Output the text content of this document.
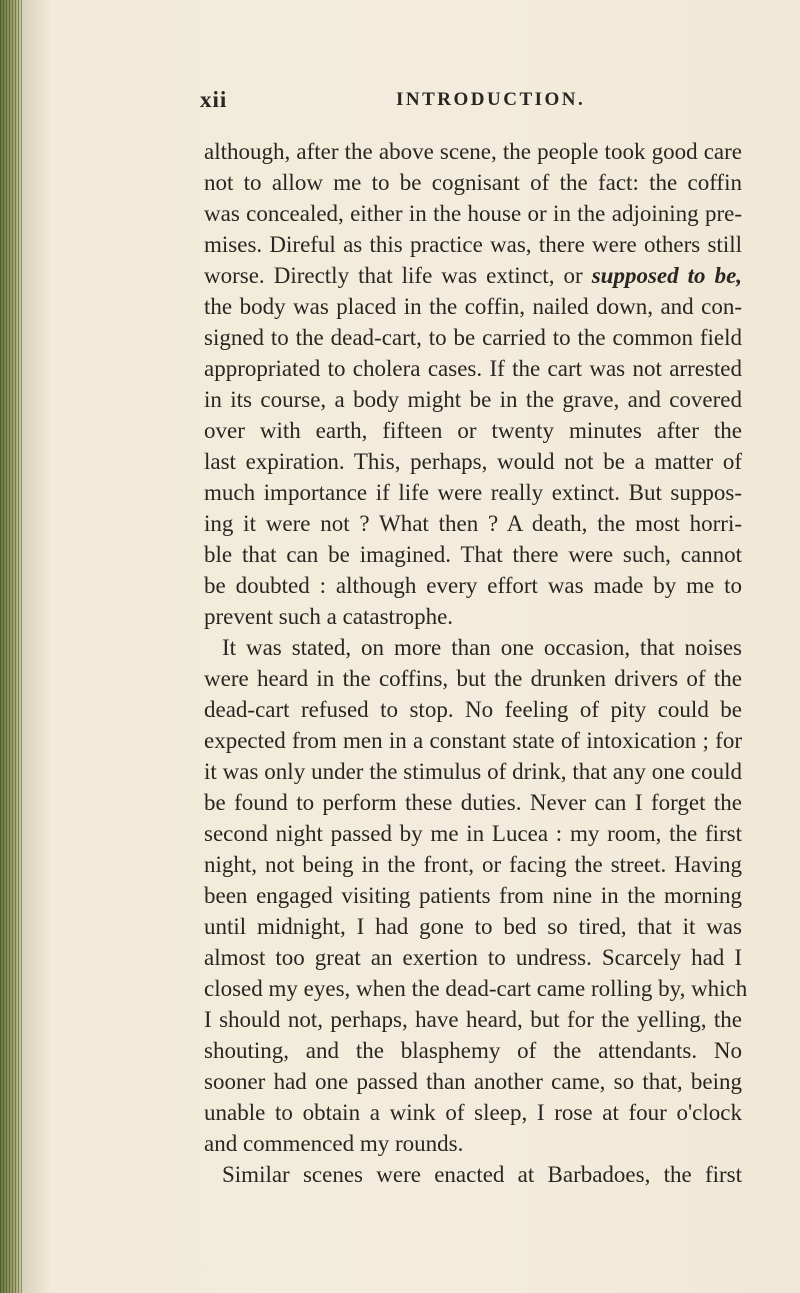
xii	INTRODUCTION.
although, after the above scene, the people took good care
not to allow me to be cognisant of the fact: the coffin
was concealed, either in the house or in the adjoining pre-
mises. Direful as this practice was, there were others still
worse. Directly that life was extinct, or supposed to be,
the body was placed in the coffin, nailed down, and con-
signed to the dead-cart, to be carried to the common field
appropriated to cholera cases. If the cart was not arrested
in its course, a body might be in the grave, and covered
over with earth, fifteen or twenty minutes after the
last expiration. This, perhaps, would not be a matter of
much importance if life were really extinct. But suppos-
ing it were not ? What then ? A death, the most horri-
ble that can be imagined. That there were such, cannot
be doubted : although every effort was made by me to
prevent such a catastrophe.
It was stated, on more than one occasion, that noises
were heard in the coffins, but the drunken drivers of the
dead-cart refused to stop. No feeling of pity could be
expected from men in a constant state of intoxication ; for
it was only under the stimulus of drink, that any one could
be found to perform these duties. Never can I forget the
second night passed by me in Lucea : my room, the first
night, not being in the front, or facing the street. Having
been engaged visiting patients from nine in the morning
until midnight, I had gone to bed so tired, that it was
almost too great an exertion to undress. Scarcely had I
closed my eyes, when the dead-cart came rolling by, which
I should not, perhaps, have heard, but for the yelling, the
shouting, and the blasphemy of the attendants. No
sooner had one passed than another came, so that, being
unable to obtain a wink of sleep, I rose at four o'clock
and commenced my rounds.
Similar scenes were enacted at Barbadoes, the first
